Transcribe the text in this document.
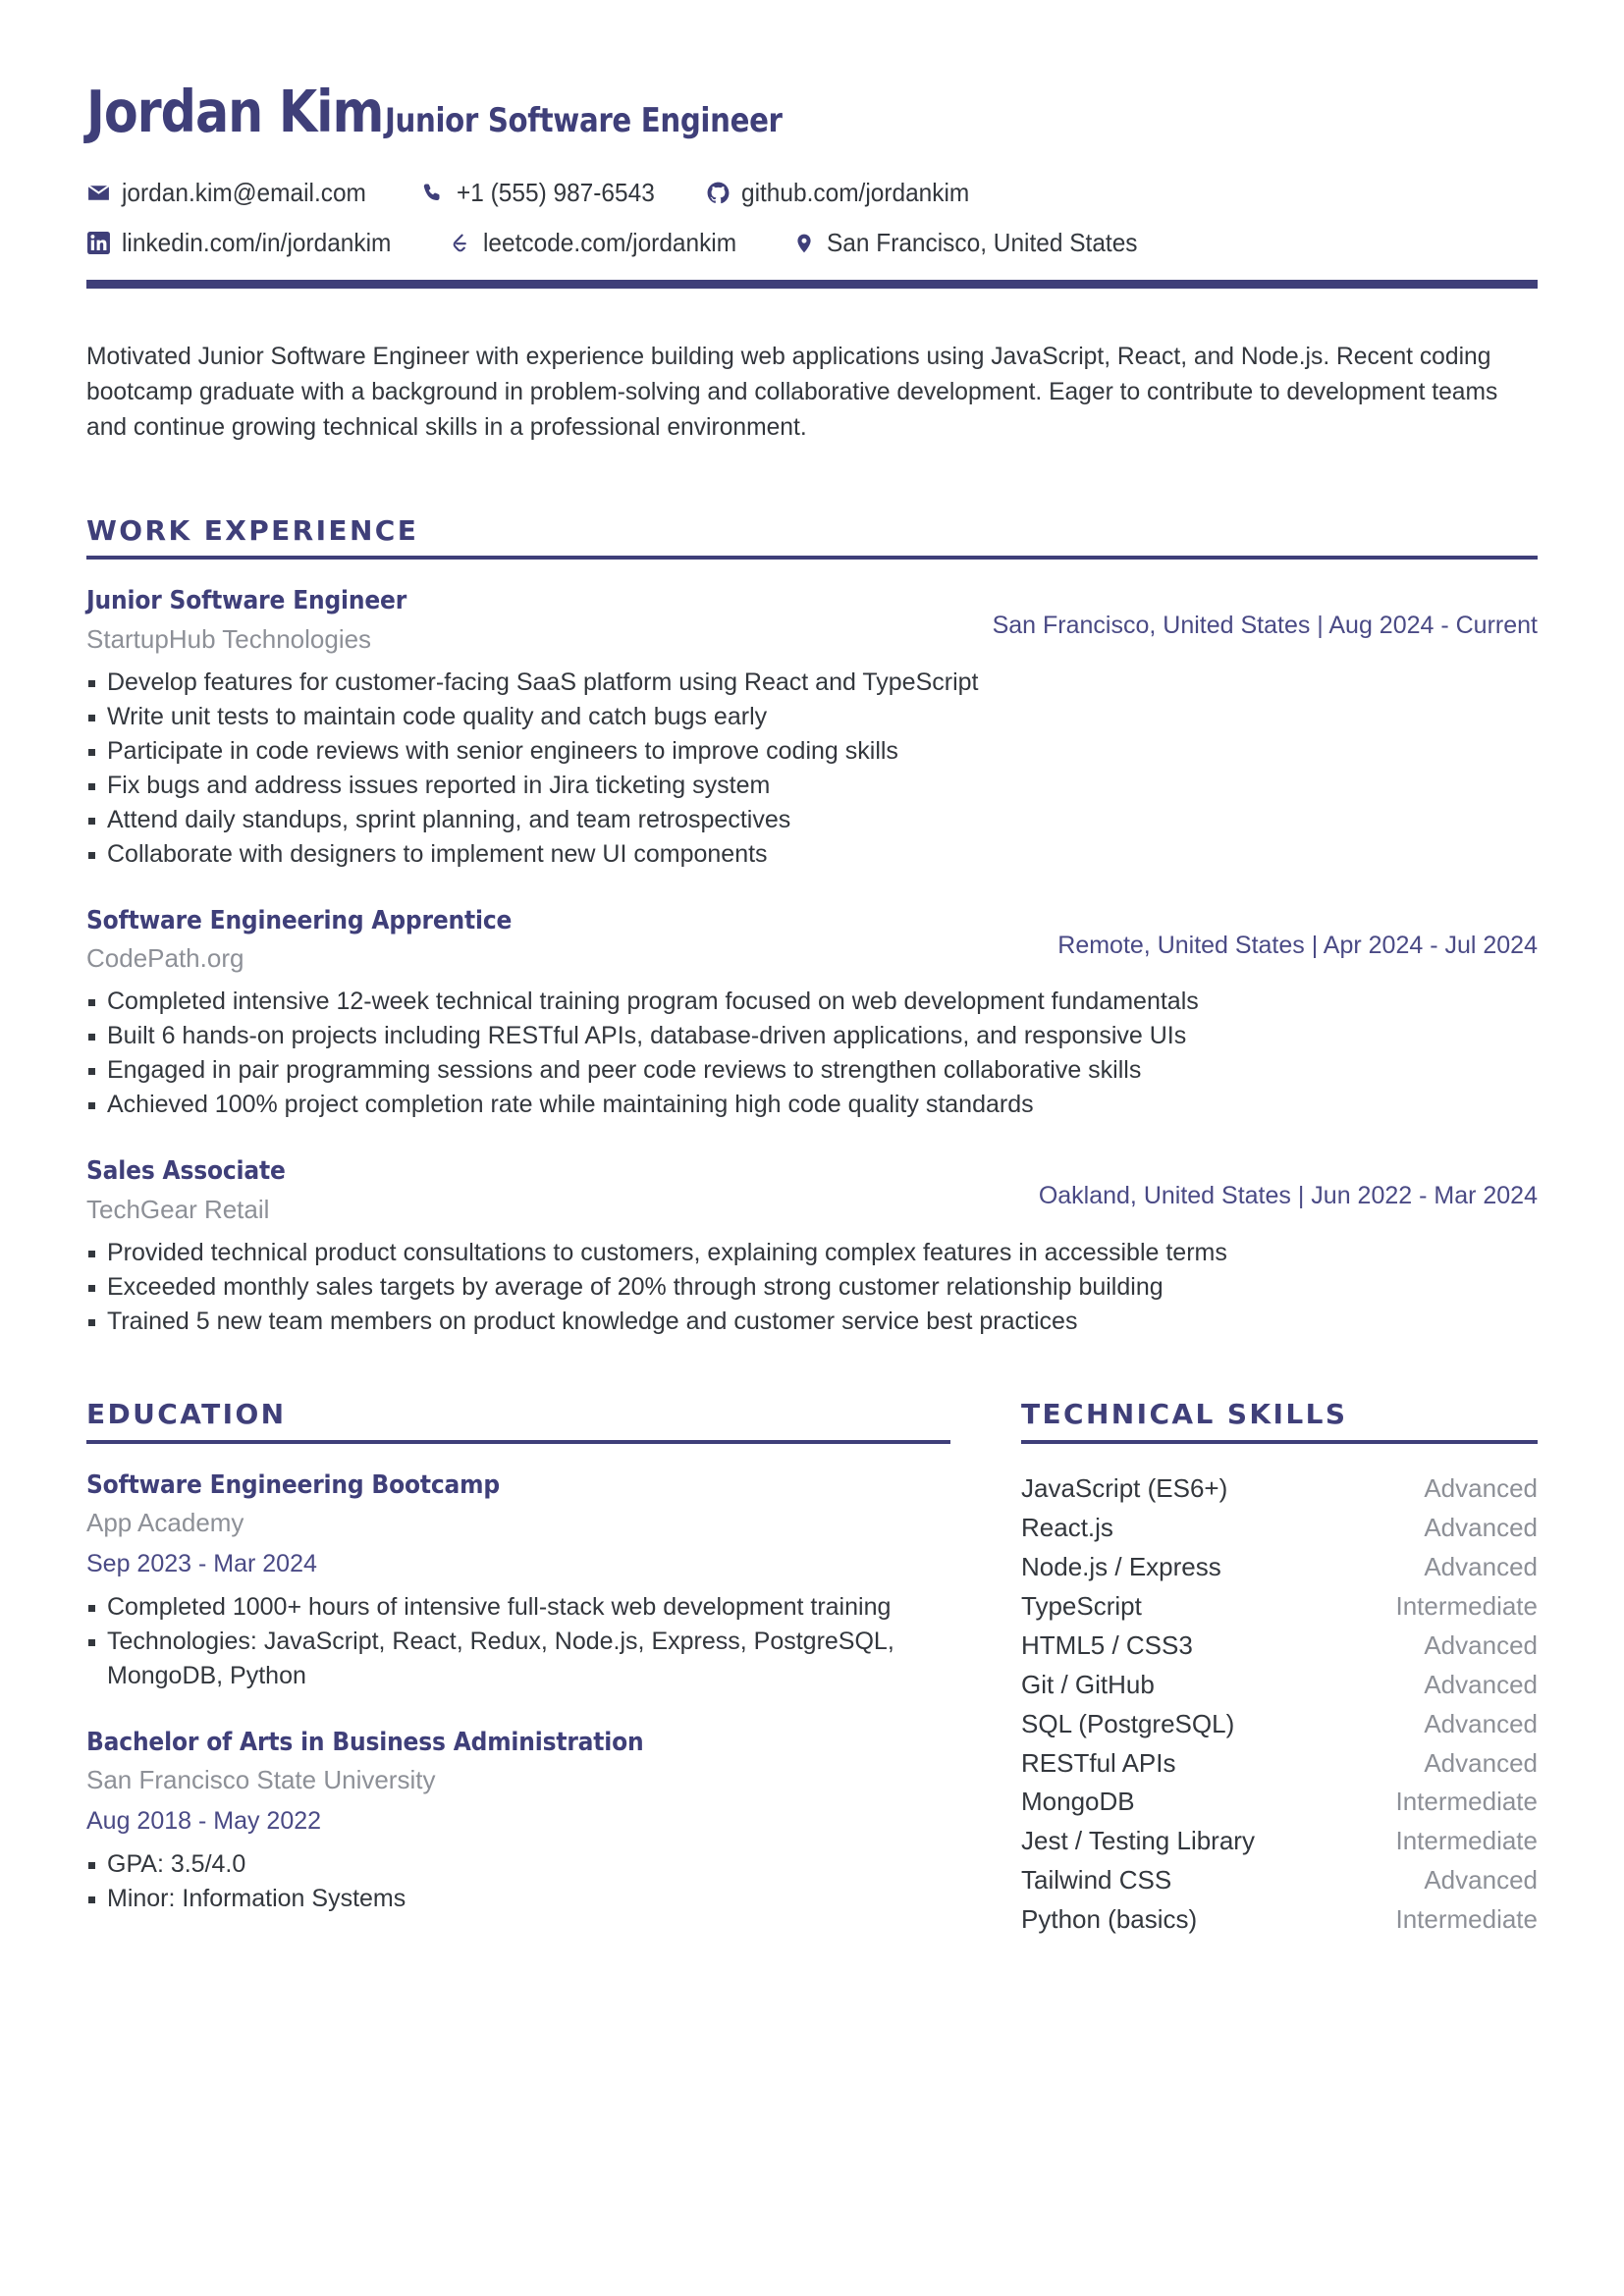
Jordan Kim Junior Software Engineer
jordan.kim@email.com	+1 (555) 987-6543	github.com/jordankim
linkedin.com/in/jordankim	leetcode.com/jordankim	San Francisco, United States
Motivated Junior Software Engineer with experience building web applications using JavaScript, React, and Node.js. Recent coding bootcamp graduate with a background in problem-solving and collaborative development. Eager to contribute to development teams and continue growing technical skills in a professional environment.
WORK EXPERIENCE
Junior Software Engineer
StartupHub Technologies	San Francisco, United States | Aug 2024 - Current
Develop features for customer-facing SaaS platform using React and TypeScript
Write unit tests to maintain code quality and catch bugs early
Participate in code reviews with senior engineers to improve coding skills
Fix bugs and address issues reported in Jira ticketing system
Attend daily standups, sprint planning, and team retrospectives
Collaborate with designers to implement new UI components
Software Engineering Apprentice
CodePath.org	Remote, United States | Apr 2024 - Jul 2024
Completed intensive 12-week technical training program focused on web development fundamentals
Built 6 hands-on projects including RESTful APIs, database-driven applications, and responsive UIs
Engaged in pair programming sessions and peer code reviews to strengthen collaborative skills
Achieved 100% project completion rate while maintaining high code quality standards
Sales Associate
TechGear Retail	Oakland, United States | Jun 2022 - Mar 2024
Provided technical product consultations to customers, explaining complex features in accessible terms
Exceeded monthly sales targets by average of 20% through strong customer relationship building
Trained 5 new team members on product knowledge and customer service best practices
EDUCATION
Software Engineering Bootcamp
App Academy
Sep 2023 - Mar 2024
Completed 1000+ hours of intensive full-stack web development training
Technologies: JavaScript, React, Redux, Node.js, Express, PostgreSQL, MongoDB, Python
Bachelor of Arts in Business Administration
San Francisco State University
Aug 2018 - May 2022
GPA: 3.5/4.0
Minor: Information Systems
TECHNICAL SKILLS
JavaScript (ES6+)	Advanced
React.js	Advanced
Node.js / Express	Advanced
TypeScript	Intermediate
HTML5 / CSS3	Advanced
Git / GitHub	Advanced
SQL (PostgreSQL)	Advanced
RESTful APIs	Advanced
MongoDB	Intermediate
Jest / Testing Library	Intermediate
Tailwind CSS	Advanced
Python (basics)	Intermediate
